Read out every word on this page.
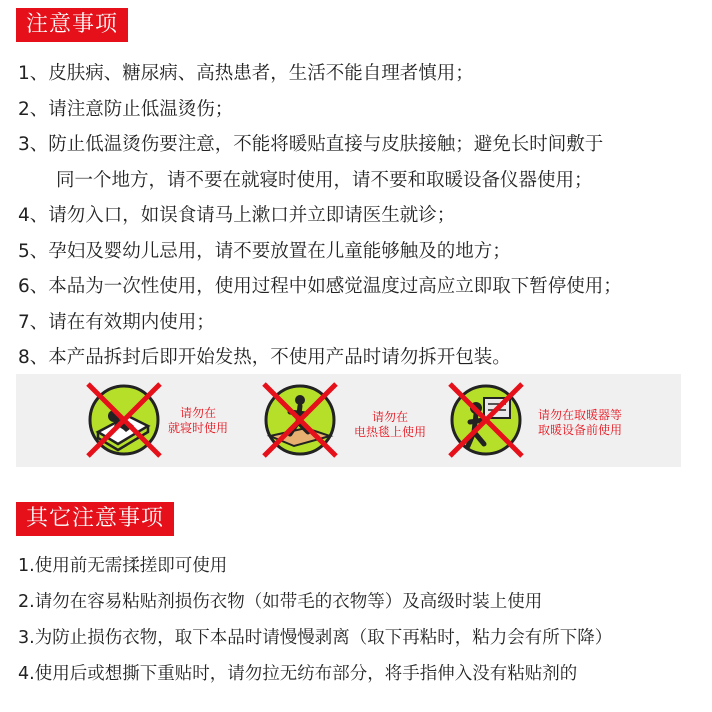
注意事项
1、皮肤病、糖尿病、高热患者，生活不能自理者慎用；
2、请注意防止低温烫伤；
3、防止低温烫伤要注意，不能将暖贴直接与皮肤接触；避免长时间敷于
同一个地方，请不要在就寝时使用，请不要和取暖设备仪器使用；
4、请勿入口，如误食请马上漱口并立即请医生就诊；
5、孕妇及婴幼儿忌用，请不要放置在儿童能够触及的地方；
6、本品为一次性使用，使用过程中如感觉温度过高应立即取下暂停使用；
7、请在有效期内使用；
8、本产品拆封后即开始发热，不使用产品时请勿拆开包装。
请勿在
就寝时使用
请勿在
电热毯上使用
请勿在取暖器等
取暖设备前使用
其它注意事项
1.使用前无需揉搓即可使用
2.请勿在容易粘贴剂损伤衣物（如带毛的衣物等）及高级时装上使用
3.为防止损伤衣物，取下本品时请慢慢剥离（取下再粘时，粘力会有所下降）
4.使用后或想撕下重贴时，请勿拉无纺布部分，将手指伸入没有粘贴剂的
